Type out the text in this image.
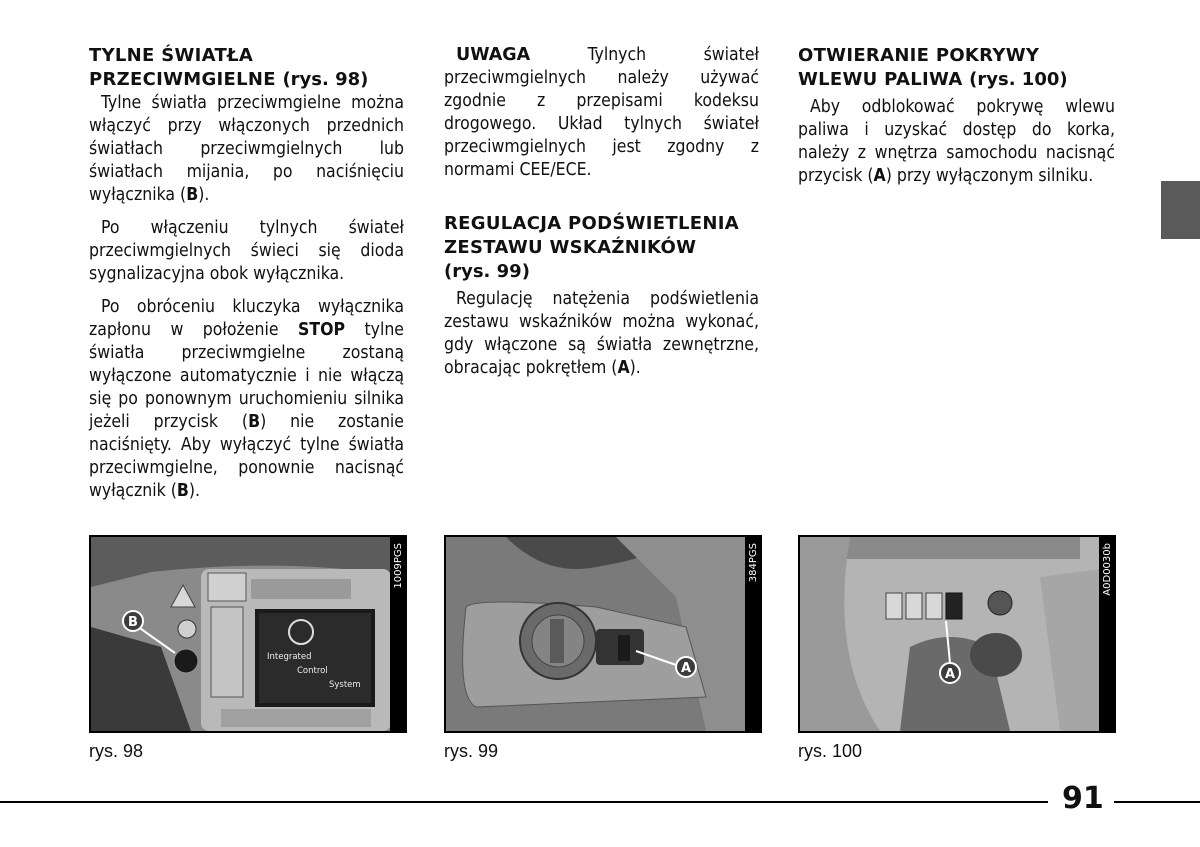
TYLNE ŚWIATŁA
PRZECIWMGIELNE (rys. 98)

Tylne światła przeciwmgielne można włączyć przy włączonych przednich światłach przeciwmgielnych lub światłach mijania, po naciśnięciu wyłącznika (B).

Po włączeniu tylnych świateł przeciwmgielnych świeci się dioda sygnalizacyjna obok wyłącznika.

Po obróceniu kluczyka wyłącznika zapłonu w położenie STOP tylne światła przeciwmgielne zostaną wyłączone automatycznie i nie włączą się po ponownym uruchomieniu silnika jeżeli przycisk (B) nie zostanie naciśnięty. Aby wyłączyć tylne światła przeciwmgielne, ponownie nacisnąć wyłącznik (B).

UWAGA Tylnych świateł przeciwmgielnych należy używać zgodnie z przepisami kodeksu drogowego. Układ tylnych świateł przeciwmgielnych jest zgodny z normami CEE/ECE.

REGULACJA PODŚWIETLENIA
ZESTAWU WSKAŹNIKÓW
(rys. 99)

Regulację natężenia podświetlenia zestawu wskaźników można wykonać, gdy włączone są światła zewnętrzne, obracając pokrętłem (A).

OTWIERANIE POKRYWY
WLEWU PALIWA (rys. 100)

Aby odblokować pokrywę wlewu paliwa i uzyskać dostęp do korka, należy z wnętrza samochodu nacisnąć przycisk (A) przy wyłączonym silniku.

Integrated
Control
System
B
1009PGS
A
384PGS
A
A0D0030b
rys. 98	rys. 99	rys. 100
91
